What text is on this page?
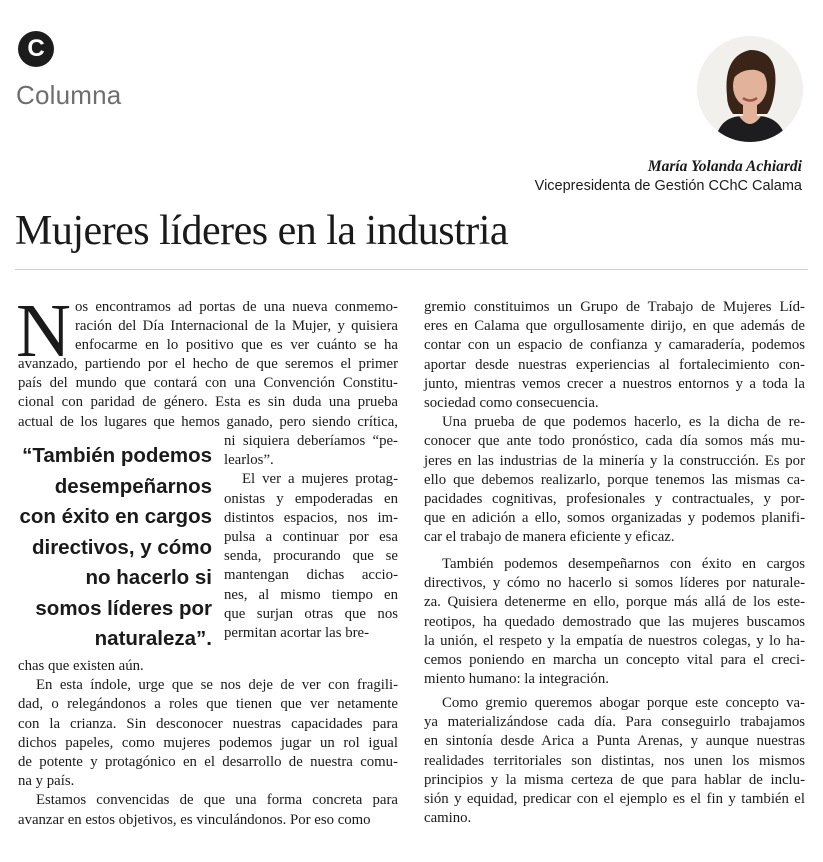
C
Columna
María Yolanda Achiardi
Vicepresidenta de Gestión CChC Calama
Mujeres líderes en la industria
N os encontramos ad portas de una nueva conmemo-
ración del Día Internacional de la Mujer, y quisiera
enfocarme en lo positivo que es ver cuánto se ha
avanzado, partiendo por el hecho de que seremos el primer
país del mundo que contará con una Convención Constitu-
cional con paridad de género. Esta es sin duda una prueba
actual de los lugares que hemos ganado, pero siendo crítica,
ni siquiera deberíamos “pe-
learlos”.
El ver a mujeres protag-
onistas y empoderadas en
distintos espacios, nos im-
pulsa a continuar por esa
senda, procurando que se
mantengan dichas accio-
nes, al mismo tiempo en
que surjan otras que nos
permitan acortar las bre-
chas que existen aún.
En esta índole, urge que se nos deje de ver con fragili-
dad, o relegándonos a roles que tienen que ver netamente
con la crianza. Sin desconocer nuestras capacidades para
dichos papeles, como mujeres podemos jugar un rol igual
de potente y protagónico en el desarrollo de nuestra comu-
na y país.
Estamos convencidas de que una forma concreta para
avanzar en estos objetivos, es vinculándonos. Por eso como
“También podemos desempeñarnos con éxito en cargos directivos, y cómo no hacerlo si somos líderes por naturaleza”.
gremio constituimos un Grupo de Trabajo de Mujeres Líd-
eres en Calama que orgullosamente dirijo, en que además de
contar con un espacio de confianza y camaradería, podemos
aportar desde nuestras experiencias al fortalecimiento con-
junto, mientras vemos crecer a nuestros entornos y a toda la
sociedad como consecuencia.
Una prueba de que podemos hacerlo, es la dicha de re-
conocer que ante todo pronóstico, cada día somos más mu-
jeres en las industrias de la minería y la construcción. Es por
ello que debemos realizarlo, porque tenemos las mismas ca-
pacidades cognitivas, profesionales y contractuales, y por-
que en adición a ello, somos organizadas y podemos planifi-
car el trabajo de manera eficiente y eficaz.
También podemos desempeñarnos con éxito en cargos
directivos, y cómo no hacerlo si somos líderes por naturale-
za. Quisiera detenerme en ello, porque más allá de los este-
reotipos, ha quedado demostrado que las mujeres buscamos
la unión, el respeto y la empatía de nuestros colegas, y lo ha-
cemos poniendo en marcha un concepto vital para el creci-
miento humano: la integración.
Como gremio queremos abogar porque este concepto va-
ya materializándose cada día. Para conseguirlo trabajamos
en sintonía desde Arica a Punta Arenas, y aunque nuestras
realidades territoriales son distintas, nos unen los mismos
principios y la misma certeza de que para hablar de inclu-
sión y equidad, predicar con el ejemplo es el fin y también el
camino.
